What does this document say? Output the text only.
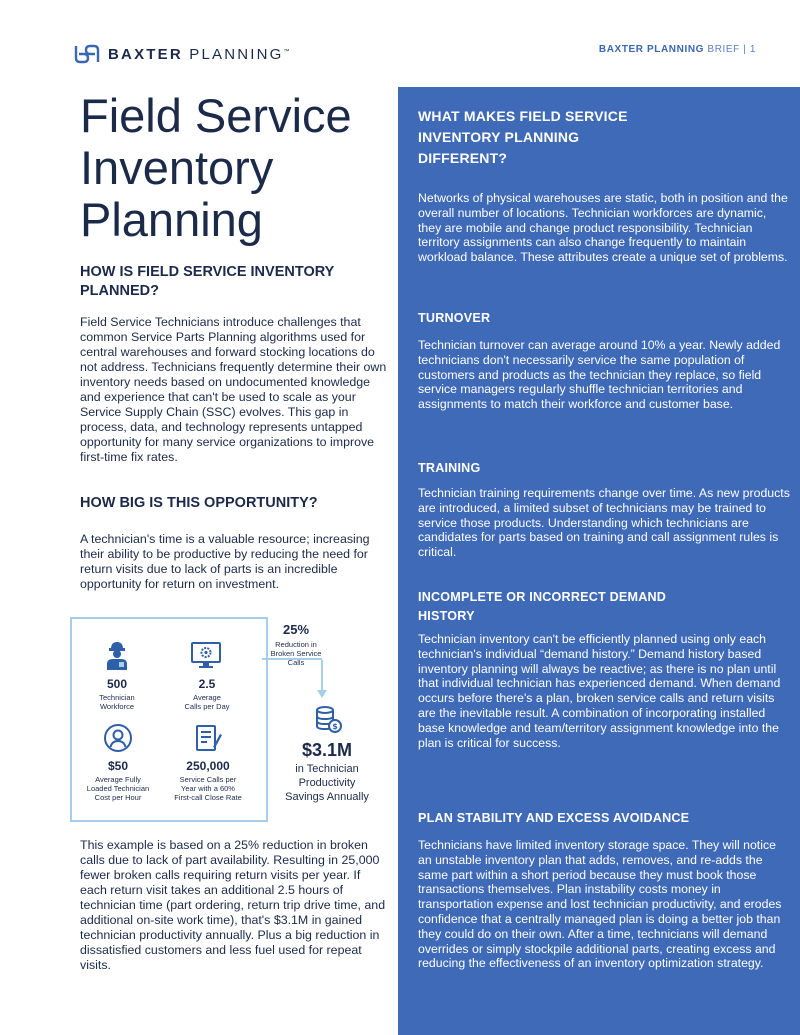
BAXTER PLANNING™	BAXTER PLANNING BRIEF | 1
Field Service
Inventory
Planning
HOW IS FIELD SERVICE INVENTORY
PLANNED?
Field Service Technicians introduce challenges that common Service Parts Planning algorithms used for central warehouses and forward stocking locations do not address. Technicians frequently determine their own inventory needs based on undocumented knowledge and experience that can't be used to scale as your Service Supply Chain (SSC) evolves. This gap in process, data, and technology represents untapped opportunity for many service organizations to improve first-time fix rates.
HOW BIG IS THIS OPPORTUNITY?
A technician's time is a valuable resource; increasing their ability to be productive by reducing the need for return visits due to lack of parts is an incredible opportunity for return on investment.
500
Technician
Workforce
2.5
Average
Calls per Day
$50
Average Fully
Loaded Technician
Cost per Hour
250,000
Service Calls per
Year with a 60%
First-call Close Rate
25%
Reduction in
Broken Service
Calls
$
$3.1M
in Technician
Productivity
Savings Annually
This example is based on a 25% reduction in broken calls due to lack of part availability. Resulting in 25,000 fewer broken calls requiring return visits per year. If each return visit takes an additional 2.5 hours of technician time (part ordering, return trip drive time, and additional on-site work time), that's $3.1M in gained technician productivity annually. Plus a big reduction in dissatisfied customers and less fuel used for repeat visits.
WHAT MAKES FIELD SERVICE
INVENTORY PLANNING
DIFFERENT?
Networks of physical warehouses are static, both in position and the overall number of locations. Technician workforces are dynamic, they are mobile and change product responsibility. Technician territory assignments can also change frequently to maintain workload balance. These attributes create a unique set of problems.
TURNOVER
Technician turnover can average around 10% a year. Newly added technicians don't necessarily service the same population of customers and products as the technician they replace, so field service managers regularly shuffle technician territories and assignments to match their workforce and customer base.
TRAINING
Technician training requirements change over time. As new products are introduced, a limited subset of technicians may be trained to service those products. Understanding which technicians are candidates for parts based on training and call assignment rules is critical.
INCOMPLETE OR INCORRECT DEMAND
HISTORY
Technician inventory can't be efficiently planned using only each technician's individual “demand history.” Demand history based inventory planning will always be reactive; as there is no plan until that individual technician has experienced demand. When demand occurs before there's a plan, broken service calls and return visits are the inevitable result. A combination of incorporating installed base knowledge and team/territory assignment knowledge into the plan is critical for success.
PLAN STABILITY AND EXCESS AVOIDANCE
Technicians have limited inventory storage space. They will notice an unstable inventory plan that adds, removes, and re-adds the same part within a short period because they must book those transactions themselves. Plan instability costs money in transportation expense and lost technician productivity, and erodes confidence that a centrally managed plan is doing a better job than they could do on their own. After a time, technicians will demand overrides or simply stockpile additional parts, creating excess and reducing the effectiveness of an inventory optimization strategy.
